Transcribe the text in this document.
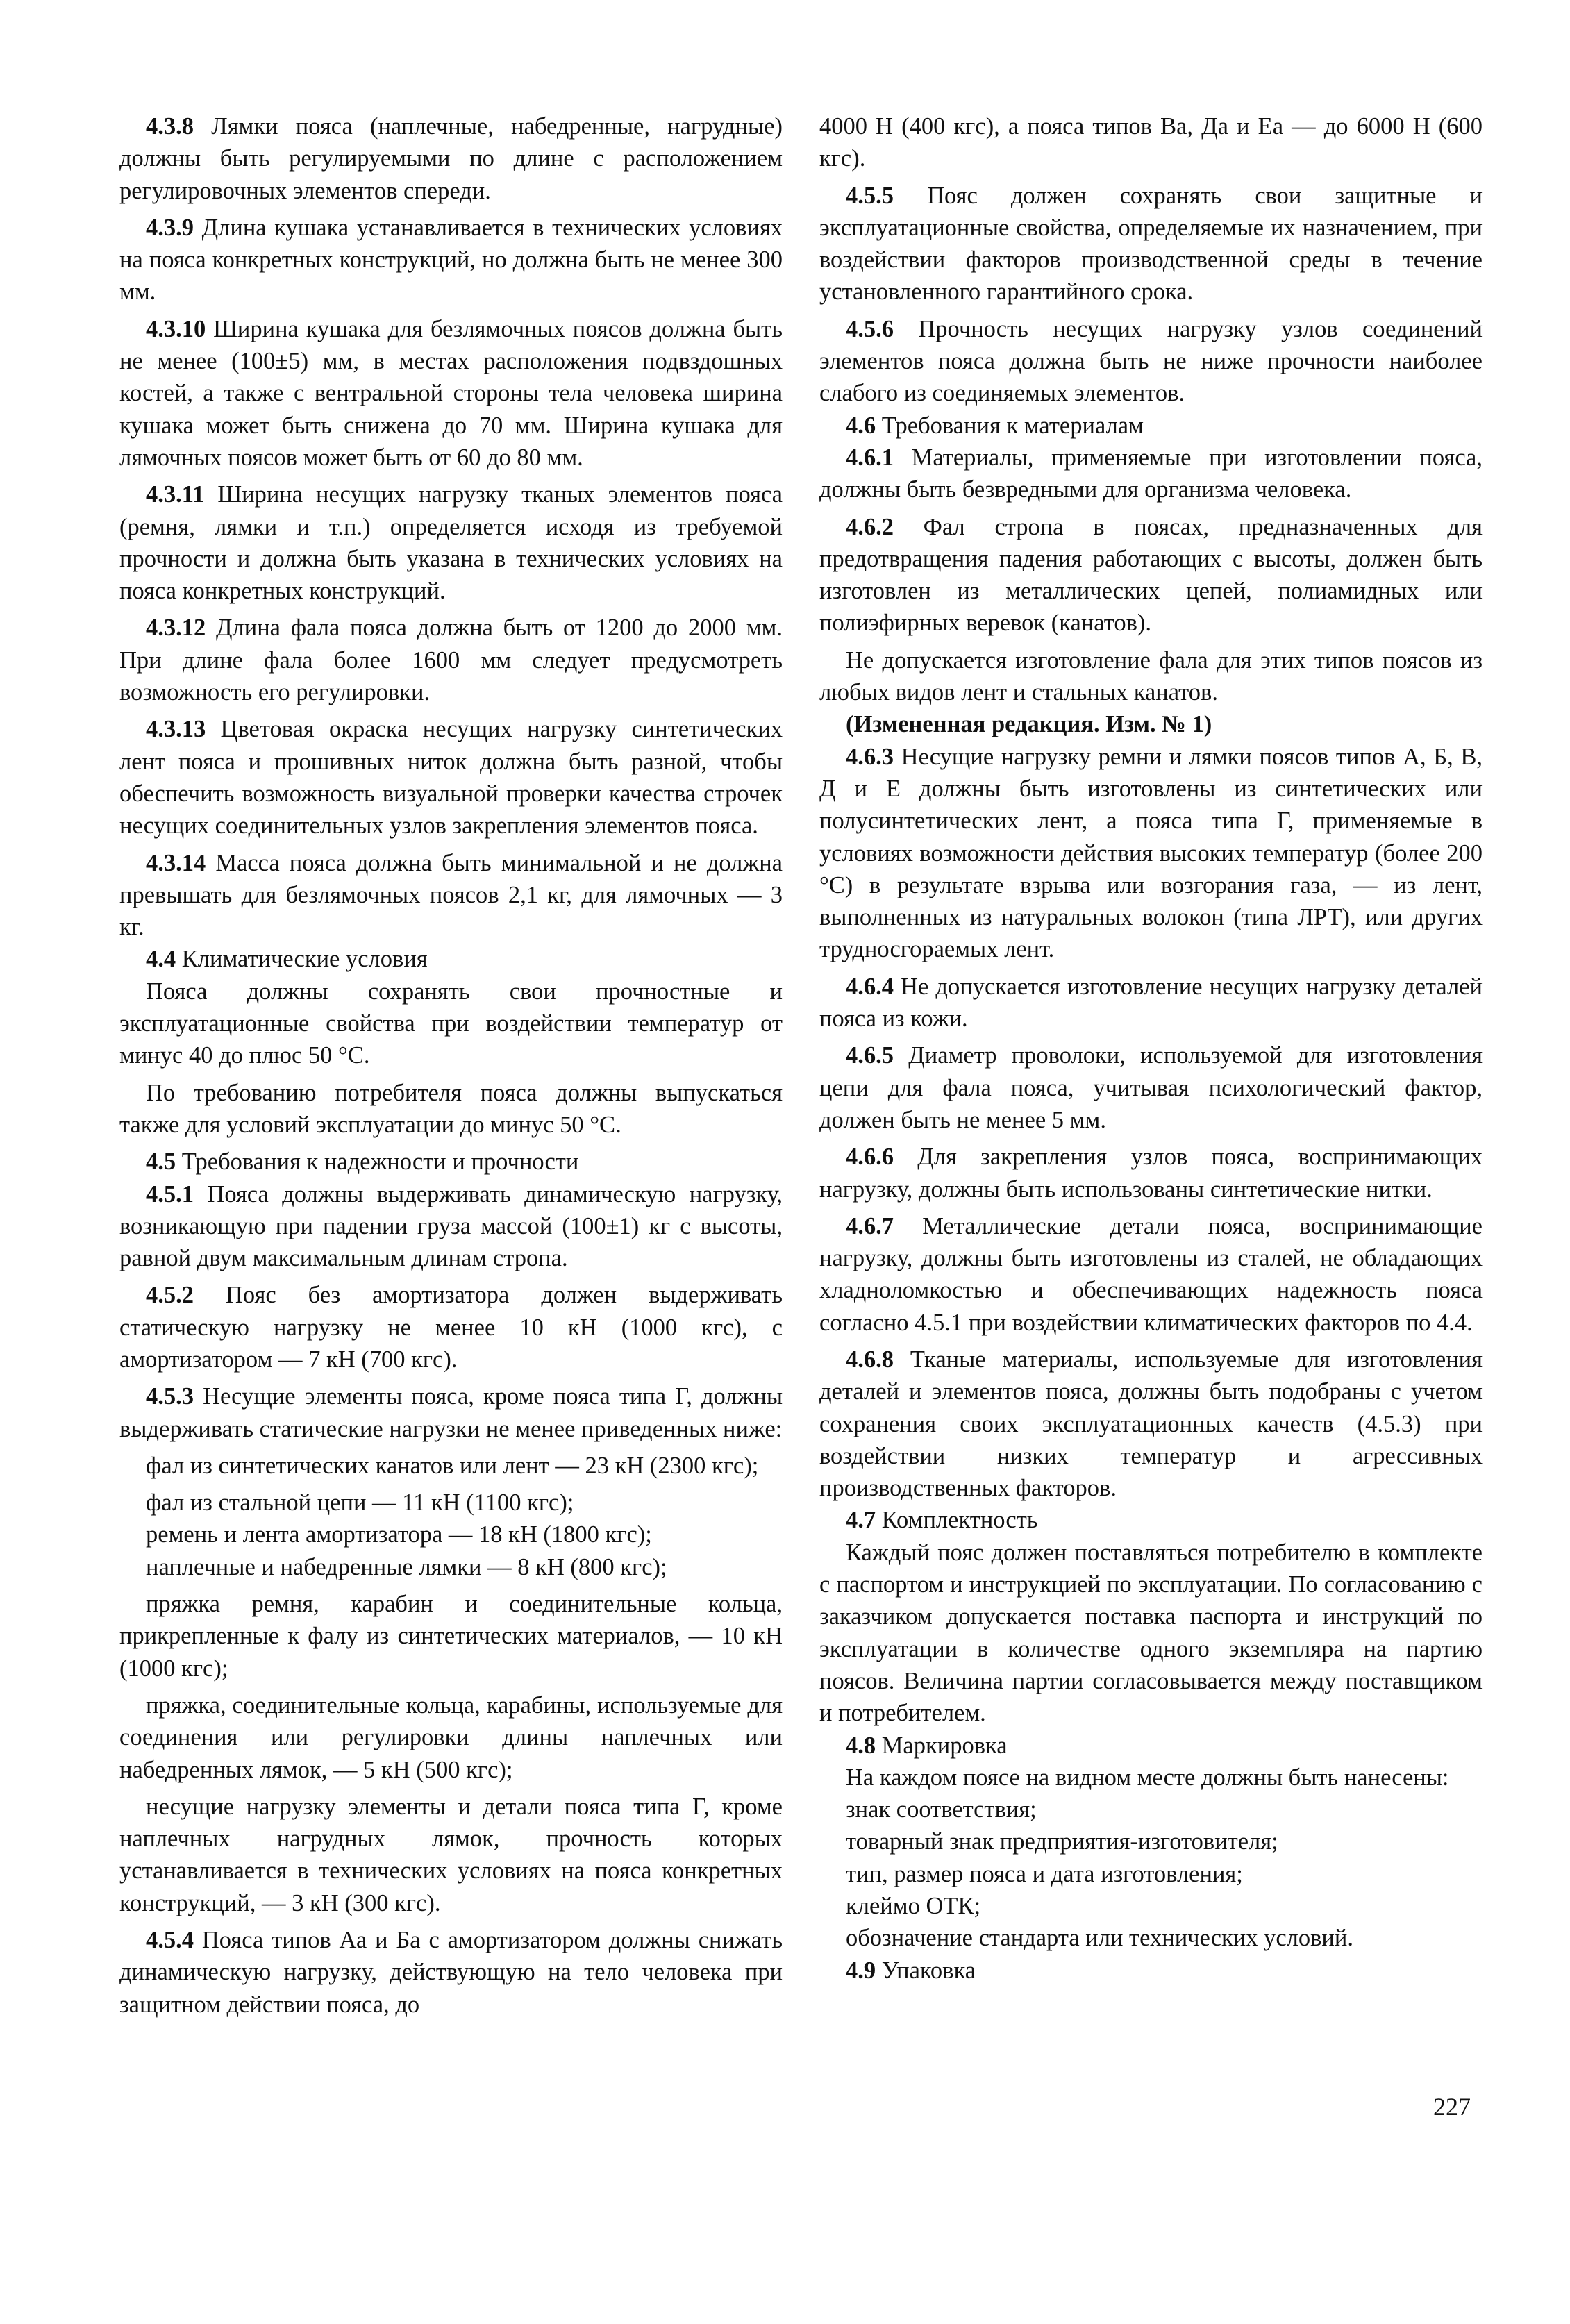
4.3.8 Лямки пояса (наплечные, набедренные, нагрудные) должны быть регулируемыми по длине с расположением регулировочных элементов спереди.

4.3.9 Длина кушака устанавливается в технических условиях на пояса конкретных конструкций, но должна быть не менее 300 мм.

4.3.10 Ширина кушака для безлямочных поясов должна быть не менее (100±5) мм, в местах расположения подвздошных костей, а также с вентральной стороны тела человека ширина кушака может быть снижена до 70 мм. Ширина кушака для лямочных поясов может быть от 60 до 80 мм.

4.3.11 Ширина несущих нагрузку тканых элементов пояса (ремня, лямки и т.п.) определяется исходя из требуемой прочности и должна быть указана в технических условиях на пояса конкретных конструкций.

4.3.12 Длина фала пояса должна быть от 1200 до 2000 мм. При длине фала более 1600 мм следует предусмотреть возможность его регулировки.

4.3.13 Цветовая окраска несущих нагрузку синтетических лент пояса и прошивных ниток должна быть разной, чтобы обеспечить возможность визуальной проверки качества строчек несущих соединительных узлов закрепления элементов пояса.

4.3.14 Масса пояса должна быть минимальной и не должна превышать для безлямочных поясов 2,1 кг, для лямочных — 3 кг.

4.4 Климатические условия

Пояса должны сохранять свои прочностные и эксплуатационные свойства при воздействии температур от минус 40 до плюс 50 °С.

По требованию потребителя пояса должны выпускаться также для условий эксплуатации до минус 50 °С.

4.5 Требования к надежности и прочности

4.5.1 Пояса должны выдерживать динамическую нагрузку, возникающую при падении груза массой (100±1) кг с высоты, равной двум максимальным длинам стропа.

4.5.2 Пояс без амортизатора должен выдерживать статическую нагрузку не менее 10 кН (1000 кгс), с амортизатором — 7 кН (700 кгс).

4.5.3 Несущие элементы пояса, кроме пояса типа Г, должны выдерживать статические нагрузки не менее приведенных ниже:

фал из синтетических канатов или лент — 23 кН (2300 кгс);

фал из стальной цепи — 11 кН (1100 кгс);

ремень и лента амортизатора — 18 кН (1800 кгс);

наплечные и набедренные лямки — 8 кН (800 кгс);

пряжка ремня, карабин и соединительные кольца, прикрепленные к фалу из синтетических материалов, — 10 кН (1000 кгс);

пряжка, соединительные кольца, карабины, используемые для соединения или регулировки длины наплечных или набедренных лямок, — 5 кН (500 кгс);

несущие нагрузку элементы и детали пояса типа Г, кроме наплечных нагрудных лямок, прочность которых устанавливается в технических условиях на пояса конкретных конструкций, — 3 кН (300 кгс).

4.5.4 Пояса типов Аа и Ба с амортизатором должны снижать динамическую нагрузку, действующую на тело человека при защитном действии пояса, до

4000 Н (400 кгс), а пояса типов Ва, Да и Еа — до 6000 Н (600 кгс).

4.5.5 Пояс должен сохранять свои защитные и эксплуатационные свойства, определяемые их назначением, при воздействии факторов производственной среды в течение установленного гарантийного срока.

4.5.6 Прочность несущих нагрузку узлов соединений элементов пояса должна быть не ниже прочности наиболее слабого из соединяемых элементов.

4.6 Требования к материалам

4.6.1 Материалы, применяемые при изготовлении пояса, должны быть безвредными для организма человека.

4.6.2 Фал стропа в поясах, предназначенных для предотвращения падения работающих с высоты, должен быть изготовлен из металлических цепей, полиамидных или полиэфирных веревок (канатов).

Не допускается изготовление фала для этих типов поясов из любых видов лент и стальных канатов.

(Измененная редакция. Изм. № 1)

4.6.3 Несущие нагрузку ремни и лямки поясов типов А, Б, В, Д и Е должны быть изготовлены из синтетических или полусинтетических лент, а пояса типа Г, применяемые в условиях возможности действия высоких температур (более 200 °С) в результате взрыва или возгорания газа, — из лент, выполненных из натуральных волокон (типа ЛРТ), или других трудносгораемых лент.

4.6.4 Не допускается изготовление несущих нагрузку деталей пояса из кожи.

4.6.5 Диаметр проволоки, используемой для изготовления цепи для фала пояса, учитывая психологический фактор, должен быть не менее 5 мм.

4.6.6 Для закрепления узлов пояса, воспринимающих нагрузку, должны быть использованы синтетические нитки.

4.6.7 Металлические детали пояса, воспринимающие нагрузку, должны быть изготовлены из сталей, не обладающих хладноломкостью и обеспечивающих надежность пояса согласно 4.5.1 при воздействии климатических факторов по 4.4.

4.6.8 Тканые материалы, используемые для изготовления деталей и элементов пояса, должны быть подобраны с учетом сохранения своих эксплуатационных качеств (4.5.3) при воздействии низких температур и агрессивных производственных факторов.

4.7 Комплектность

Каждый пояс должен поставляться потребителю в комплекте с паспортом и инструкцией по эксплуатации. По согласованию с заказчиком допускается поставка паспорта и инструкций по эксплуатации в количестве одного экземпляра на партию поясов. Величина партии согласовывается между поставщиком и потребителем.

4.8 Маркировка

На каждом поясе на видном месте должны быть нанесены:

знак соответствия;

товарный знак предприятия-изготовителя;

тип, размер пояса и дата изготовления;

клеймо ОТК;

обозначение стандарта или технических условий.

4.9 Упаковка

227
